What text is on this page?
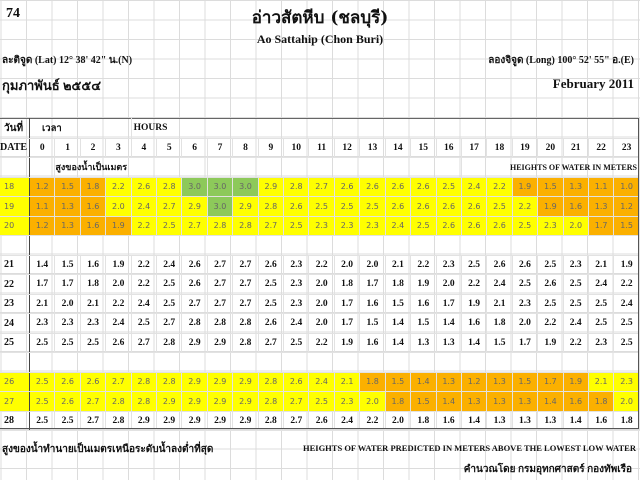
74	อ่าวสัตหีบ (ชลบุรี)
Ao Sattahip (Chon Buri)
ละติจูด (Lat) 12° 38' 42" น.(N)	ลองจิจูด (Long) 100° 52' 55" อ.(E)
กุมภาพันธ์ ๒๕๕๔	February 2011
วันที่	เวลา				HOURS																			
DATE	0	1	2	3	4	5	6	7	8	9	10	11	12	13	14	15	16	17	18	19	20	21	22	23
		สูงของน้ำเป็นเมตร																HEIGHTS OF WATER IN METERS						
18	1.2	1.5	1.8	2.2	2.6	2.8	3.0	3.0	3.0	2.9	2.8	2.7	2.6	2.6	2.6	2.6	2.5	2.4	2.2	1.9	1.5	1.3	1.1	1.0
19	1.1	1.3	1.6	2.0	2.4	2.7	2.9	3.0	2.9	2.8	2.6	2.5	2.5	2.5	2.6	2.6	2.6	2.6	2.5	2.2	1.9	1.6	1.3	1.2
20	1.2	1.3	1.6	1.9	2.2	2.5	2.7	2.8	2.8	2.7	2.5	2.3	2.3	2.3	2.4	2.5	2.6	2.6	2.6	2.5	2.3	2.0	1.7	1.5

21	1.4	1.5	1.6	1.9	2.2	2.4	2.6	2.7	2.7	2.6	2.3	2.2	2.0	2.0	2.1	2.2	2.3	2.5	2.6	2.6	2.5	2.3	2.1	1.9
22	1.7	1.7	1.8	2.0	2.2	2.5	2.6	2.7	2.7	2.5	2.3	2.0	1.8	1.7	1.8	1.9	2.0	2.2	2.4	2.5	2.6	2.5	2.4	2.2
23	2.1	2.0	2.1	2.2	2.4	2.5	2.7	2.7	2.7	2.5	2.3	2.0	1.7	1.6	1.5	1.6	1.7	1.9	2.1	2.3	2.5	2.5	2.5	2.4
24	2.3	2.3	2.3	2.4	2.5	2.7	2.8	2.8	2.8	2.6	2.4	2.0	1.7	1.5	1.4	1.5	1.4	1.6	1.8	2.0	2.2	2.4	2.5	2.5
25	2.5	2.5	2.5	2.6	2.7	2.8	2.9	2.9	2.8	2.7	2.5	2.2	1.9	1.6	1.4	1.3	1.3	1.4	1.5	1.7	1.9	2.2	2.3	2.5

26	2.5	2.6	2.6	2.7	2.8	2.8	2.9	2.9	2.9	2.8	2.6	2.4	2.1	1.8	1.5	1.4	1.3	1.2	1.3	1.5	1.7	1.9	2.1	2.3
27	2.5	2.6	2.7	2.8	2.8	2.9	2.9	2.9	2.9	2.8	2.7	2.5	2.3	2.0	1.8	1.5	1.4	1.3	1.3	1.3	1.4	1.6	1.8	2.0
28	2.5	2.5	2.7	2.8	2.9	2.9	2.9	2.9	2.9	2.8	2.7	2.6	2.4	2.2	2.0	1.8	1.6	1.4	1.3	1.3	1.3	1.4	1.6	1.8
สูงของน้ำทำนายเป็นเมตรเหนือระดับน้ำลงต่ำที่สุด	HEIGHTS OF WATER PREDICTED IN METERS ABOVE THE LOWEST LOW WATER
คำนวณโดย กรมอุทกศาสตร์ กองทัพเรือ
